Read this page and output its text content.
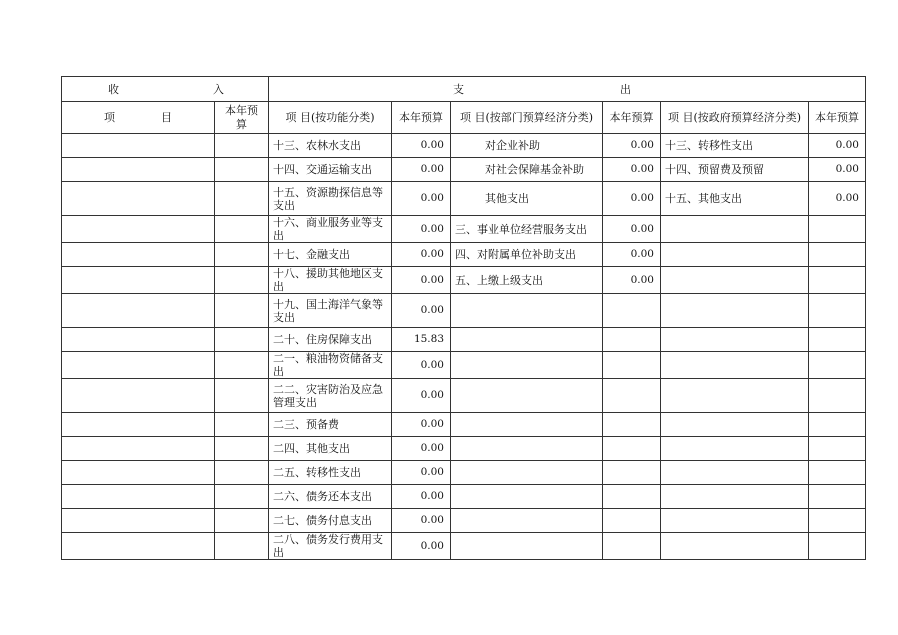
收 入		支 出					

项 目	本年预算	项 目(按功能分类)	本年预算	项 目(按部门预算经济分类)	本年预算	项 目(按政府预算经济分类)	本年预算
		十三、农林水支出	0.00	对企业补助	0.00	十三、转移性支出	0.00
		十四、交通运输支出	0.00	对社会保障基金补助	0.00	十四、预留费及预留	0.00
		十五、资源勘探信息等支出	0.00	其他支出	0.00	十五、其他支出	0.00
		十六、商业服务业等支出	0.00	三、事业单位经营服务支出	0.00		
		十七、金融支出	0.00	四、对附属单位补助支出	0.00		
		十八、援助其他地区支出	0.00	五、上缴上级支出	0.00		
		十九、国土海洋气象等支出	0.00				
		二十、住房保障支出	15.83				
		二一、粮油物资储备支出	0.00				
		二二、灾害防治及应急管理支出	0.00				
		二三、预备费	0.00				
		二四、其他支出	0.00				
		二五、转移性支出	0.00				
		二六、债务还本支出	0.00				
		二七、债务付息支出	0.00				
		二八、债务发行费用支出	0.00				
